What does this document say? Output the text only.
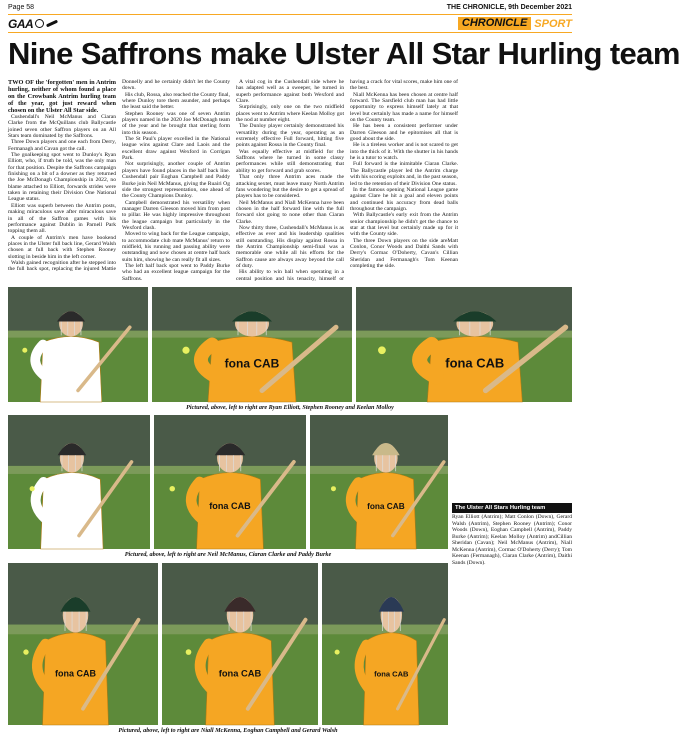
Page 58	THE CHRONICLE, 9th December 2021
GAA	CHRONICLE SPORT
Nine Saffrons make Ulster All Star Hurling team

TWO OF the 'forgotten' men in Antrim hurling, neither of whom found a place on the Crowbank Antrim hurling team of the year, got just reward when chosen on the Ulster All Star side.

Cushendall's Neil McManus and Ciaran Clarke from the McQuillans club Ballycastle joined seven other Saffron players on an All Stars team dominated by the Saffrons.

Three Down players and one each from Derry, Fermanagh and Cavan got the call.

The goalkeeping spot went to Dunloy's Ryan Elliott, who, if truth be told, was the only man for that position. Despite the Saffrons campaign finishing on a bit of a downer as they returned the Joe McDonagh Championship in 2022, no blame attached to Elliott, forwards strides were taken in retaining their Division One National League status.

Elliott was superb between the Antrim posts, making miraculous save after miraculous save in all of the Saffron games with his performance against Dublin in Parnell Park topping them all.

A couple of Antrim's men have bookend places in the Ulster full back line, Gerard Walsh chosen at full back with Stephen Rooney slotting in beside him in the left corner.

Walsh gained recognition after he stepped into the full back spot, replacing the injured Mattie Donnelly and he certainly didn't let the County down.

His club, Rossa, also reached the County final, where Dunloy tore them asunder, and perhaps the least said the better.

Stephen Rooney was one of seven Antrim players named in the 2020 Joe McDonagh team of the year and he brought that sterling form into this season.

The St Paul's player excelled in the National league wins against Clare and Laois and the excellent draw against Wexford in Corrigan Park.

Not surprisingly, another couple of Antrim players have found places in the half back line. Cushendall pair Eoghan Campbell and Paddy Burke join Neil McManus, giving the Ruairi Og side the strongest representation, one ahead of the County Champions Dunloy.

Campbell demonstrated his versatility when manager Darren Gleeson moved him from post to pillar. He was highly impressive throughout the league campaign but particularly in the Wexford clash.

Moved to wing back for the League campaign, to accommodate club mate McManus' return to midfield, his running and passing ability were outstanding and now chosen at centre half back suits him, showing he can really fit all sizes.

The left half back spot went to Paddy Burke who had an excellent league campaign for the Saffrons.

A vital cog in the Cushendall side where he has adapted well as a sweeper, he turned in superb performance against both Wexford and Clare.

Surprisingly, only one on the two midfield places went to Antrim where Keelan Molloy got the nod at number eight.

The Dunloy player certainly demonstrated his versatility during the year, operating as an extremely effective Full forward, hitting five points against Rossa in the County final.

Was equally effective at midfield for the Saffrons where he turned in some classy performances while still demonstrating that ability to get forward and grab scores.

That only three Antrim aces made the attacking sextet, must leave many North Antrim fans wondering but the desire to get a spread of players has to be considered.

Neil McManus and Niall McKenna have been chosen in the half forward line with the full forward slot going to none other than Ciaran Clarke.

Now thirty three, Cushendall's McManus is as effective as ever and his leadership qualities still outstanding. His display against Rossa in the Antrim Championship semi-final was a memorable one while all his efforts for the Saffron cause are always away beyond the call of duty.

His ability to win ball when operating in a central position and his tenacity, himself or having a crack for vital scores, make him one of the best.

Niall McKenna has been chosen at centre half forward. The Sarsfield club man has had little opportunity to express himself lately at that level but certainly has made a name for himself on the County team.

He has been a consistent performer under Darren Gleeson and he epitomises all that is good about the side.

He is a tireless worker and is not scared to get into the thick of it. With the shutter in his hands he is a tutor to watch.

Full forward is the inimitable Ciaran Clarke. The Ballycastle player led the Antrim charge with his scoring exploits and, in the past season, led to the retention of their Division One status.

In the famous opening National League game against Clare he hit a goal and eleven points and continued his accuracy from dead balls throughout the campaign.

With Ballycastle's early exit from the Antrim senior championship he didn't get the chance to star at that level but certainly made up for it with the County side.

The three Down players on the side areMatt Conlon, Conor Woods and Daithi Sands with Derry's Cormac O'Doherty, Cavan's Cillian Sheridan and Fermanagh's Tom Keenan completing the side.

fona CAB	fona CAB
Pictured, above, left to right are Ryan Elliott, Stephen Rooney and Keelan Molloy
fona CAB	fona CAB
Pictured, above, left to right are Neil McManus, Ciaran Clarke and Paddy Burke
The Ulster All Stars Hurling team
Ryan Elliott (Antrim); Matt Conlon (Down), Gerard Walsh (Antrim), Stephen Rooney (Antrim); Conor Woods (Down), Eoghan Campbell (Antrim), Paddy Burke (Antrim); Keelan Molloy (Antrim) andCillian Sheridan (Cavan); Neil McManus (Antrim), Niall McKenna (Antrim), Cormac O'Doherty (Derry); Tom Keenan (Fermanagh), Ciaran Clarke (Antrim), Daithi Sands (Down).
fona CAB	fona CAB	fona CAB
Pictured, above, left to right are Niall McKenna, Eoghan Campbell and Gerard Walsh
